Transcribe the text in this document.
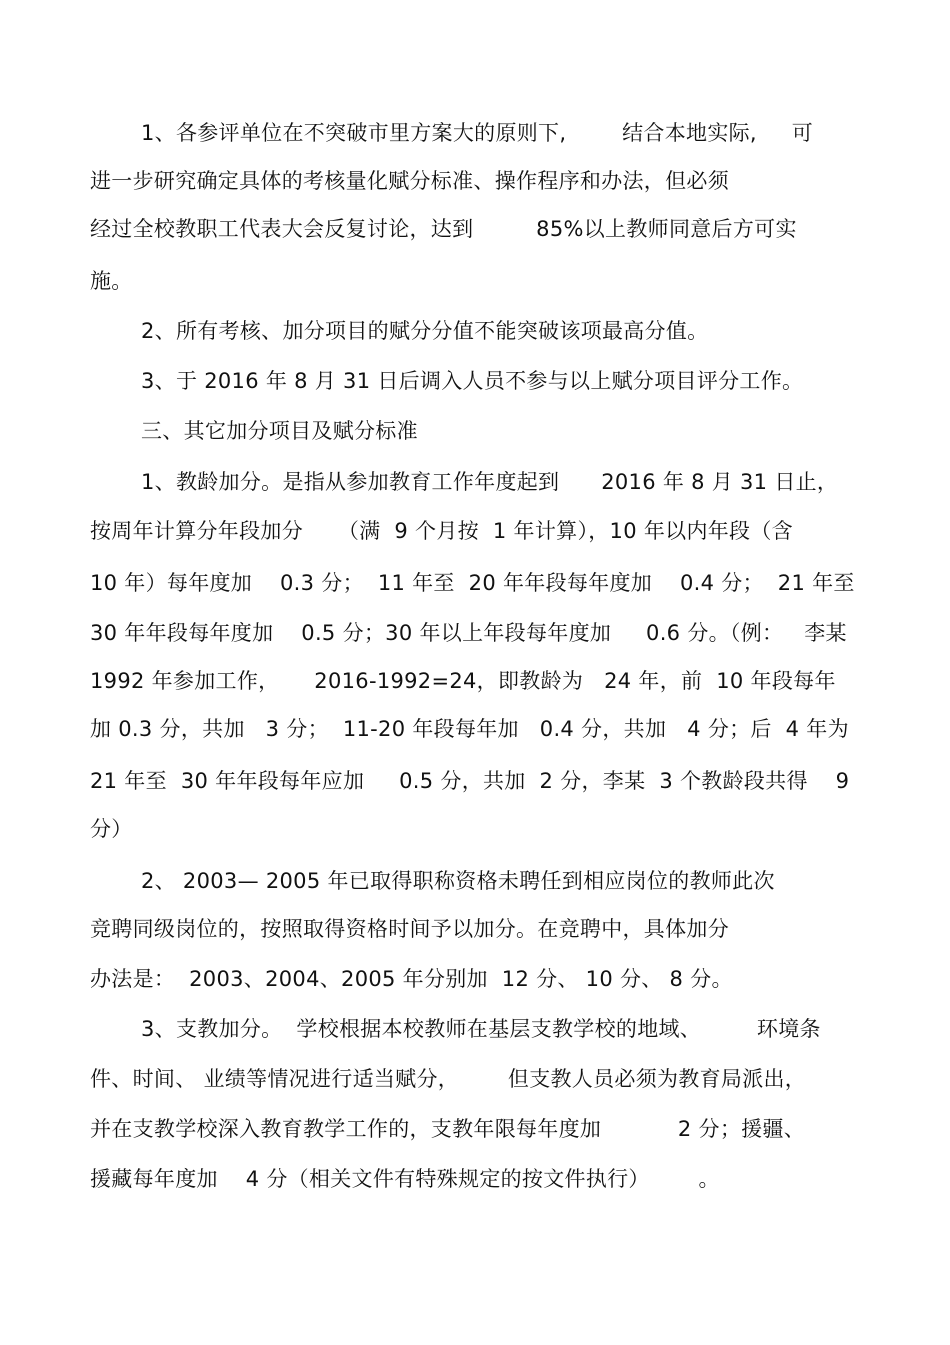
1、各参评单位在不突破市里方案大的原则下,        结合本地实际,     可
进一步研究确定具体的考核量化赋分标准、操作程序和办法，但必须
经过全校教职工代表大会反复讨论，达到         85%以上教师同意后方可实
施。
2、所有考核、加分项目的赋分分值不能突破该项最高分值。
3、于 2016 年 8 月 31 日后调入人员不参与以上赋分项目评分工作。
三、其它加分项目及赋分标准
1、教龄加分。是指从参加教育工作年度起到      2016 年 8 月 31 日止，
按周年计算分年段加分     （满  9 个月按  1 年计算），10 年以内年段（含
10 年）每年度加    0.3 分；  11 年至  20 年年段每年度加    0.4 分；  21 年至
30 年年段每年度加    0.5 分；30 年以上年段每年度加     0.6 分。（例：   李某
1992 年参加工作，     2016-1992=24，即教龄为   24 年，前  10 年段每年
加 0.3 分，共加   3 分；  11-20 年段每年加   0.4 分，共加   4 分；后  4 年为
21 年至  30 年年段每年应加     0.5 分，共加  2 分，李某  3 个教龄段共得    9
分）
2、 2003— 2005 年已取得职称资格未聘任到相应岗位的教师此次
竞聘同级岗位的，按照取得资格时间予以加分。在竞聘中，具体加分
办法是：  2003、2004、2005 年分别加  12 分、 10 分、 8 分。
3、支教加分。  学校根据本校教师在基层支教学校的地域、        环境条
件、时间、 业绩等情况进行适当赋分，       但支教人员必须为教育局派出，
并在支教学校深入教育教学工作的，支教年限每年度加           2 分；援疆、
援藏每年度加    4 分（相关文件有特殊规定的按文件执行）       。
